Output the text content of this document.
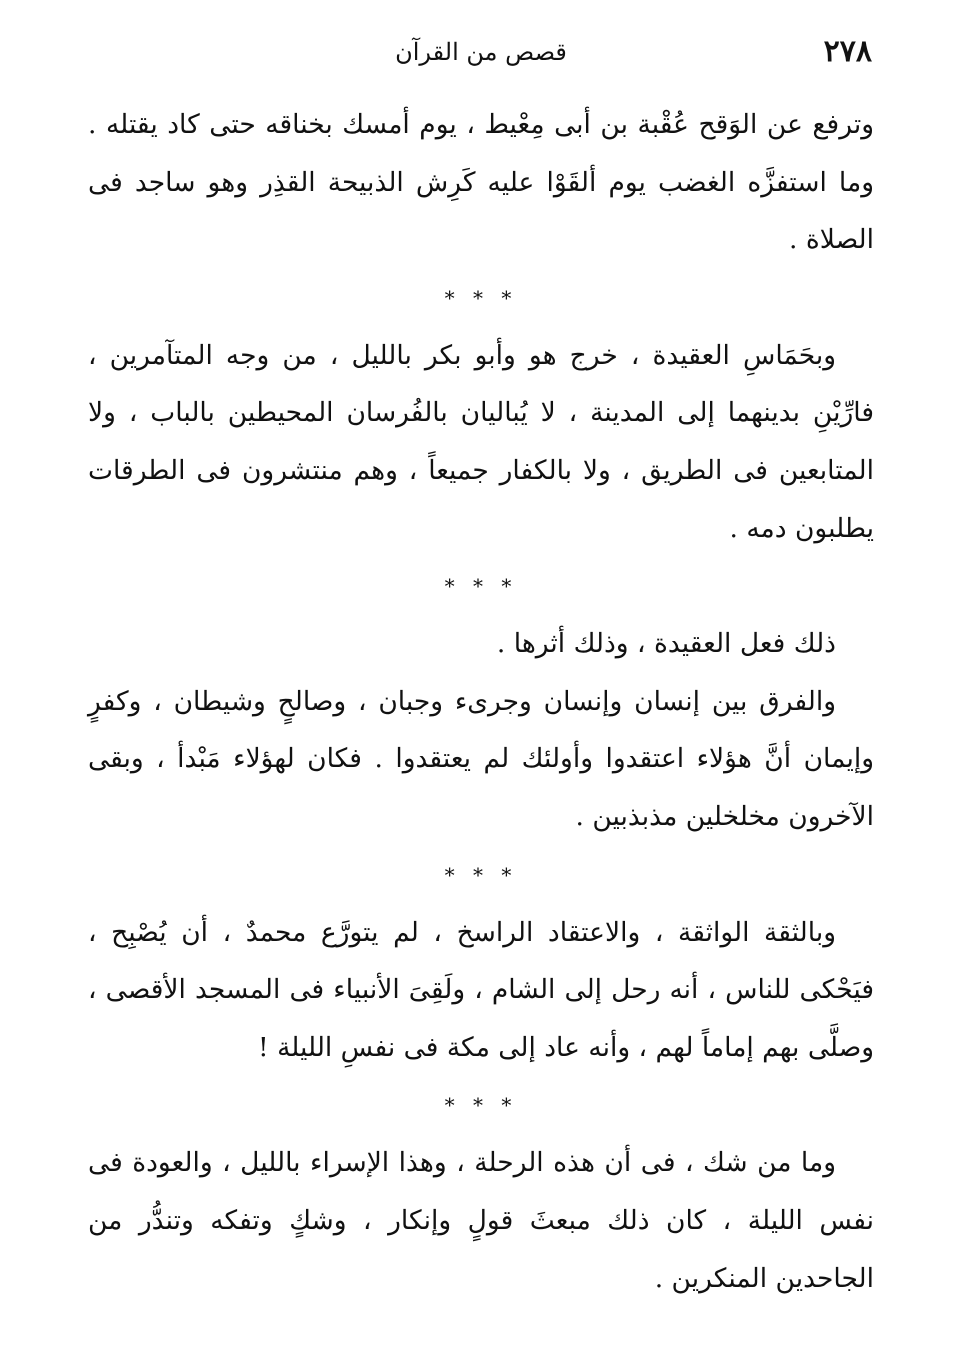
٢٧٨
قصص من القرآن

وترفع عن الوَقح عُقْبة بن أبى مِعْيط ، يوم أمسك بخناقه حتى كاد يقتله . وما استفزَّه الغضب يوم ألقَوْا عليه كَرِش الذبيحة القذِر وهو ساجد فى الصلاة .

* * *

وبحَمَاسِ العقيدة ، خرج هو وأبو بكر بالليل ، من وجه المتآمرين ، فارِّيْنِ بدينهما إلى المدينة ، لا يُباليان بالفُرسان المحيطين بالباب ، ولا المتابعين فى الطريق ، ولا بالكفار جميعاً ، وهم منتشرون فى الطرقات يطلبون دمه .

* * *

ذلك فعل العقيدة ، وذلك أثرها .

والفرق بين إنسان وإنسان وجرىء وجبان ، وصالحٍ وشيطان ، وكفرٍ وإيمان أنَّ هؤلاء اعتقدوا وأولئك لم يعتقدوا . فكان لهؤلاء مَبْدأ ، وبقى الآخرون مخلخلين مذبذبين .

* * *

وبالثقة الواثقة ، والاعتقاد الراسخ ، لم يتورَّع محمدٌ ، أن يُصْبِح ، فيَحْكى للناس ، أنه رحل إلى الشام ، ولَقِىَ الأنبياء فى المسجد الأقصى ، وصلَّى بهم إماماً لهم ، وأنه عاد إلى مكة فى نفسِ الليلة !

* * *

وما من شك ، فى أن هذه الرحلة ، وهذا الإسراء بالليل ، والعودة فى نفس الليلة ، كان ذلك مبعثَ قولٍ وإنكار ، وشكٍ وتفكه وتندُّر من الجاحدين المنكرين .
